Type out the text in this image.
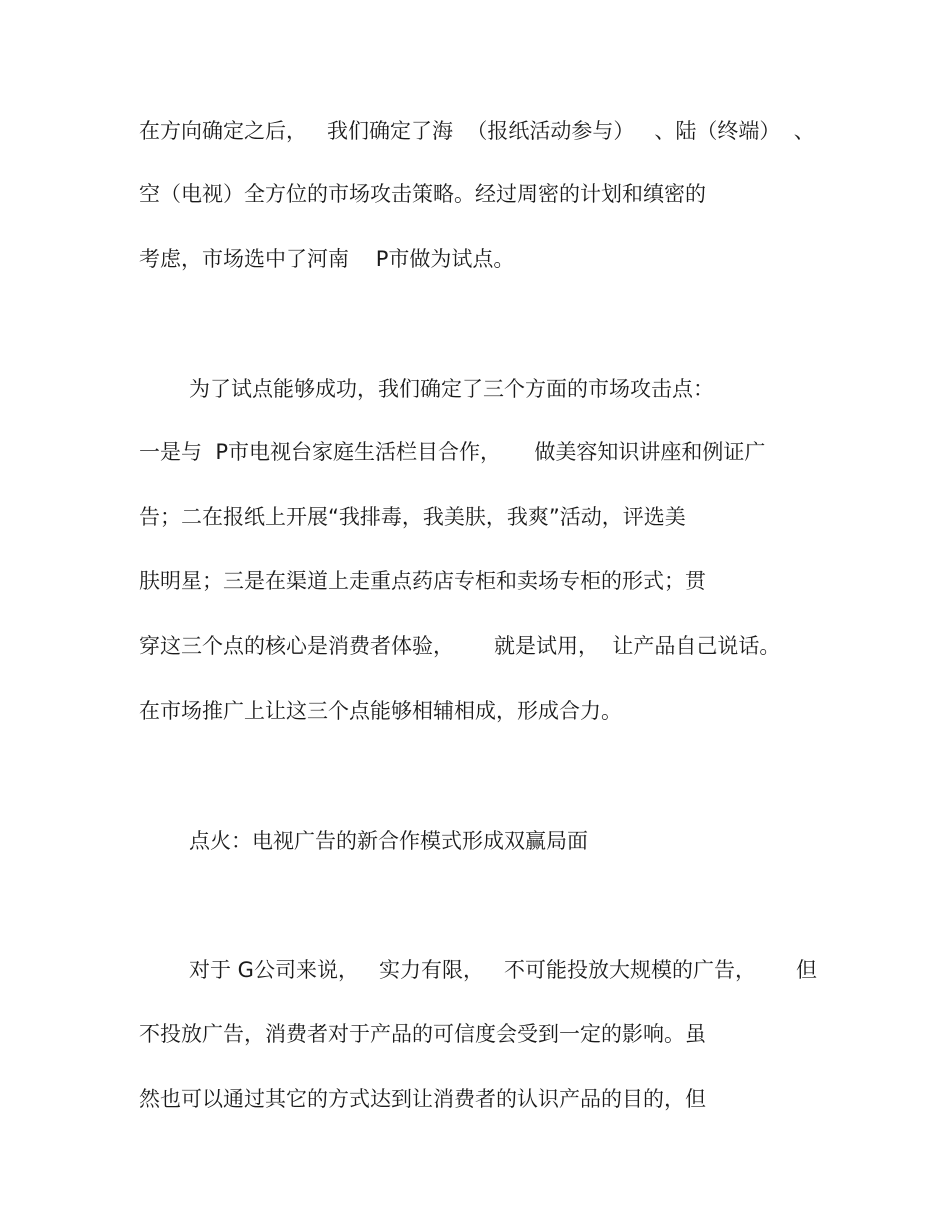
在方向确定之后，   我们确定了海  （报纸活动参与）   、陆（终端）  、
空（电视）全方位的市场攻击策略。经过周密的计划和缜密的
考虑，市场选中了河南    P市做为试点。
为了试点能够成功，我们确定了三个方面的市场攻击点：
一是与  P市电视台家庭生活栏目合作，     做美容知识讲座和例证广
告；二在报纸上开展“我排毒，我美肤，我爽”活动，评选美
肤明星；三是在渠道上走重点药店专柜和卖场专柜的形式；贯
穿这三个点的核心是消费者体验，      就是试用，  让产品自己说话。
在市场推广上让这三个点能够相辅相成，形成合力。
点火：电视广告的新合作模式形成双赢局面
对于 G公司来说，   实力有限，   不可能投放大规模的广告，      但
不投放广告，消费者对于产品的可信度会受到一定的影响。虽
然也可以通过其它的方式达到让消费者的认识产品的目的，但
